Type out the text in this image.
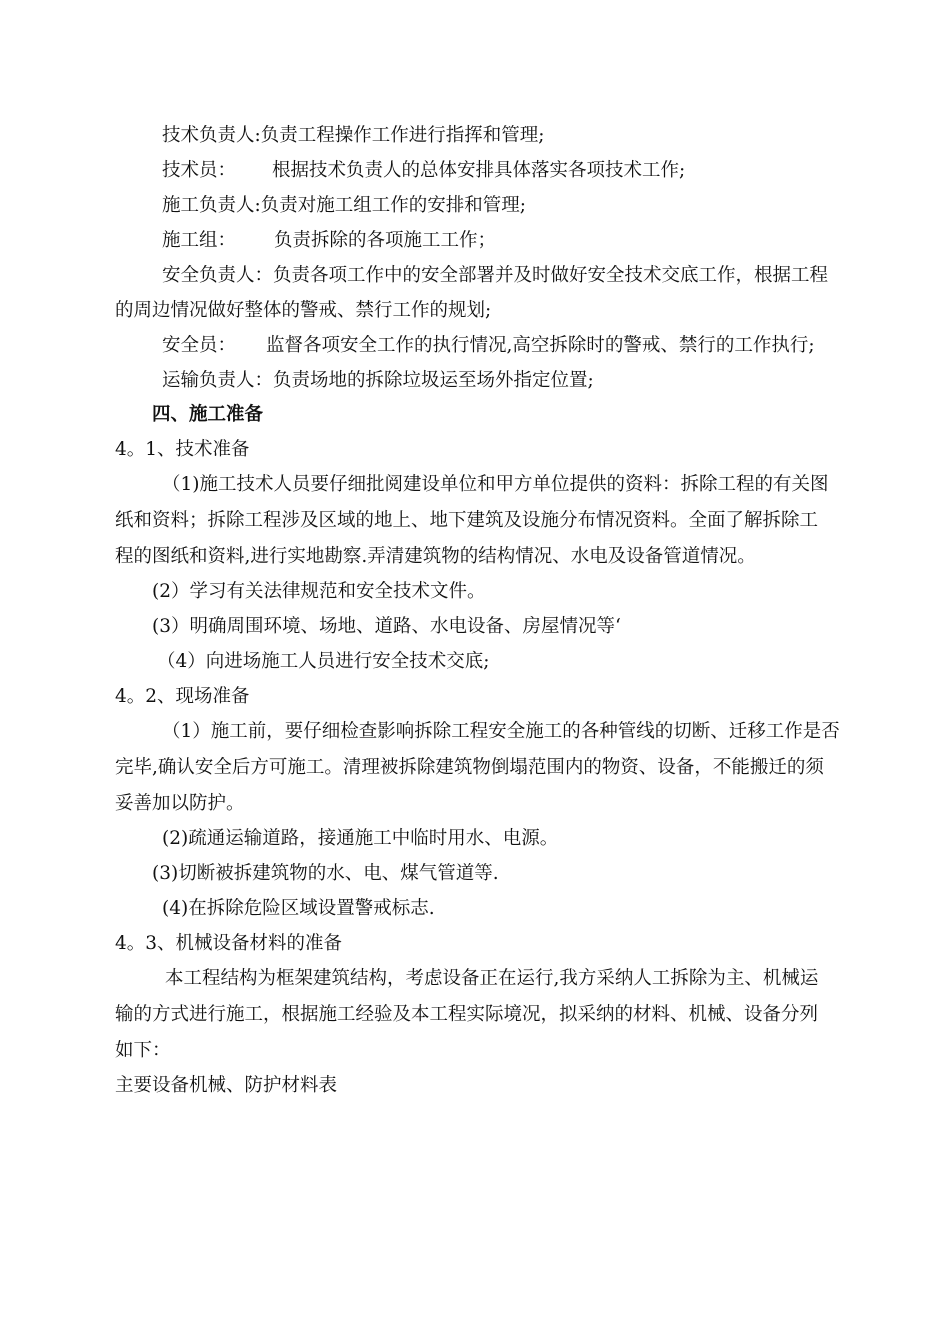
技术负责人:负责工程操作工作进行指挥和管理;
技术员： 根据技术负责人的总体安排具体落实各项技术工作;
施工负责人:负责对施工组工作的安排和管理;
施工组： 负责拆除的各项施工工作；
安全负责人：负责各项工作中的安全部署并及时做好安全技术交底工作，根据工程
的周边情况做好整体的警戒、禁行工作的规划;
安全员： 监督各项安全工作的执行情况,高空拆除时的警戒、禁行的工作执行;
运输负责人：负责场地的拆除垃圾运至场外指定位置;
四、施工准备
4。1、技术准备
（1)施工技术人员要仔细批阅建设单位和甲方单位提供的资料：拆除工程的有关图
纸和资料；拆除工程涉及区域的地上、地下建筑及设施分布情况资料。全面了解拆除工
程的图纸和资料,进行实地勘察.弄清建筑物的结构情况、水电及设备管道情况。
(2）学习有关法律规范和安全技术文件。
(3）明确周围环境、场地、道路、水电设备、房屋情况等‘
（4）向进场施工人员进行安全技术交底;
4。2、现场准备
（1）施工前，要仔细检查影响拆除工程安全施工的各种管线的切断、迁移工作是否
完毕,确认安全后方可施工。清理被拆除建筑物倒塌范围内的物资、设备，不能搬迁的须
妥善加以防护。
(2)疏通运输道路，接通施工中临时用水、电源。
(3)切断被拆建筑物的水、电、煤气管道等.
(4)在拆除危险区域设置警戒标志.
4。3、机械设备材料的准备
本工程结构为框架建筑结构，考虑设备正在运行,我方采纳人工拆除为主、机械运
输的方式进行施工，根据施工经验及本工程实际境况，拟采纳的材料、机械、设备分列
如下：
主要设备机械、防护材料表
